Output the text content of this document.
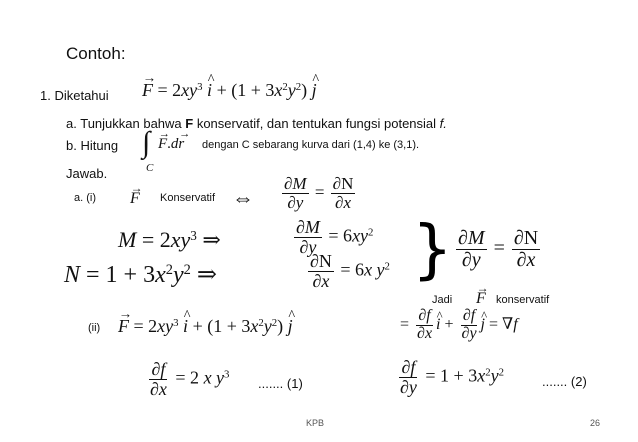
Contoh:
1. Diketahui
→ $F = 2xy^3$ ^ $i + (1 + 3x^2y^2)$ ^ j
a. Tunjukkan bahwa F konservatif, dan tentukan fungsi potensial f.
b. Hitung ∫
C
→ F.d→ r dengan C sebarang kurva dari (1,4) ke (3,1).
Jawab.
a. (i)
→ F Konservatif ⇔ $\frac{\partial M}{\partial y} = \frac{\partial N}{\partial x}$
$M = 2xy^3$ ⇒	$\frac{\partial M}{\partial y} = 6xy^2$
$N = 1 + 3x^2y^2$ ⇒	$\frac{\partial N}{\partial x} = 6x$ $y^2$ } $\frac{\partial M}{\partial y} = \frac{\partial N}{\partial x}$
Jadi
→ F konservatif
(ii)
→ $F = 2xy^3$ ^ $i + (1 + 3x^2y^2)$ ^ j	= $\frac{\partial f}{\partial x}$
^ $i + \frac{\partial f}{\partial y}$
^ j = ∇f
$\frac{\partial f}{\partial x} = 2$ x $y^3$
....... (1)	$\frac{\partial f}{\partial y} = 1 + 3x^2y^2$
....... (2)
KPB	26
